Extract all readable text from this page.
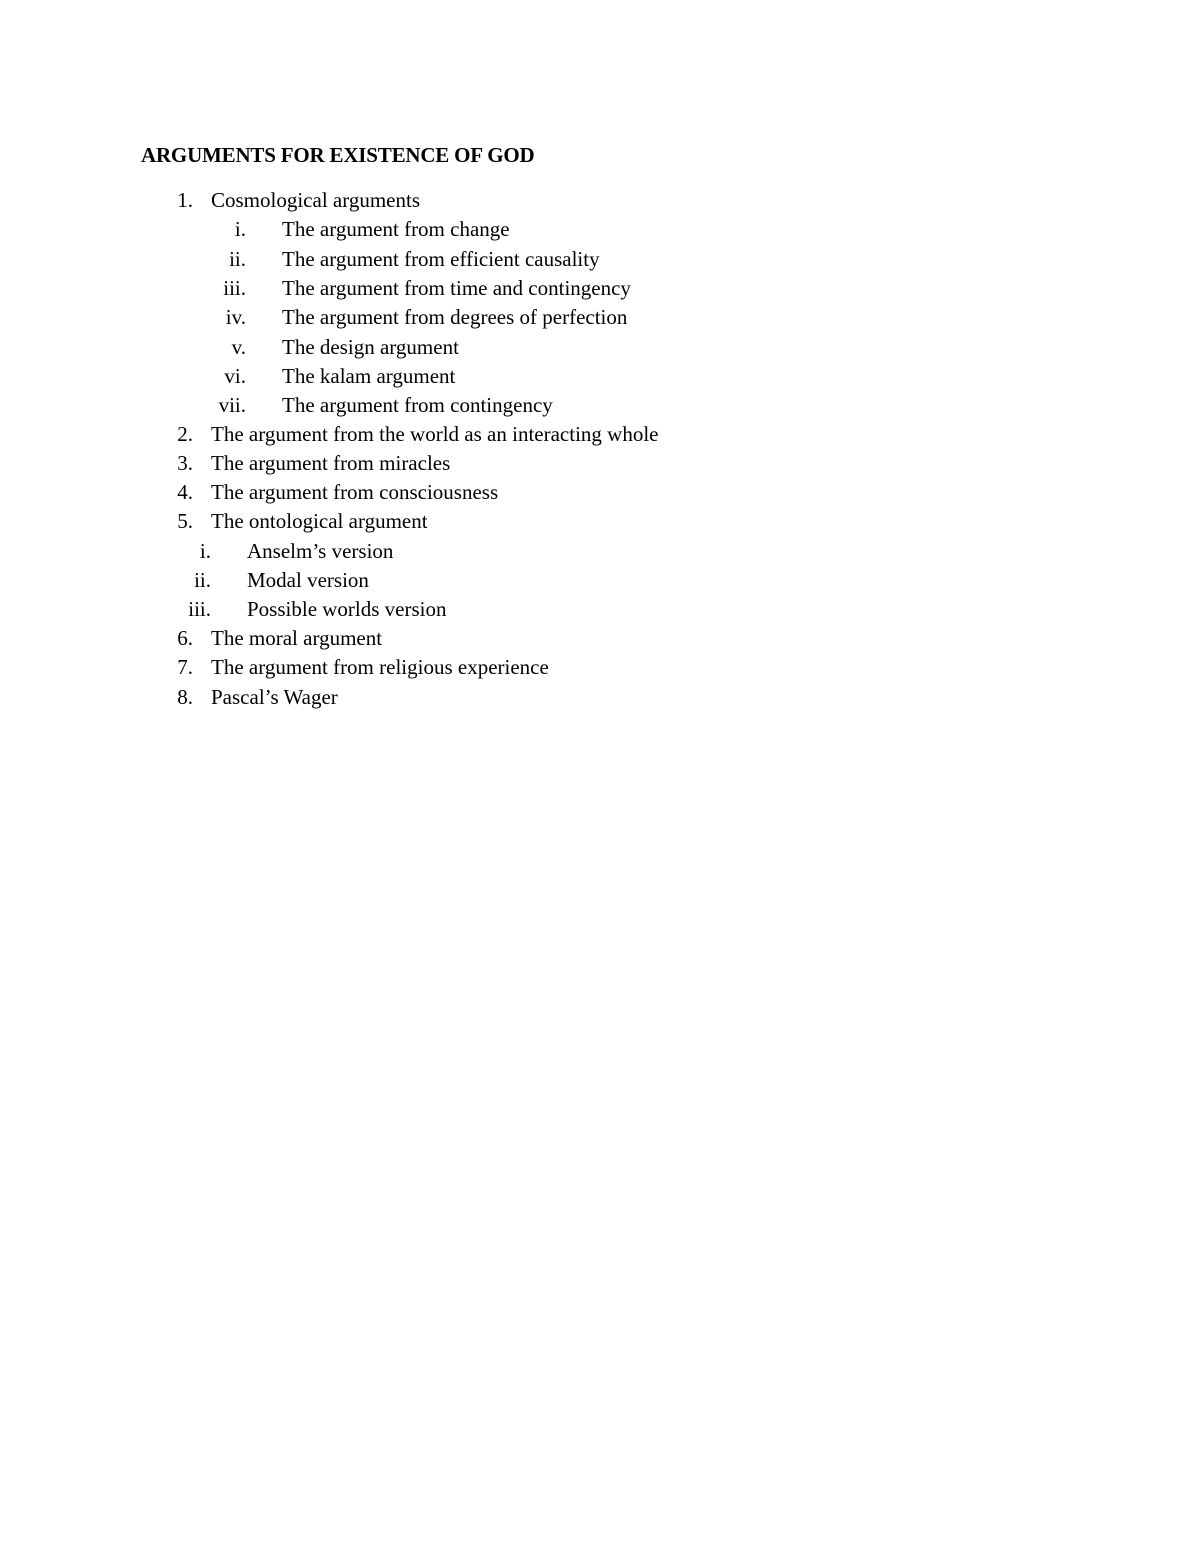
ARGUMENTS FOR EXISTENCE OF GOD
1. Cosmological arguments
i. The argument from change
ii. The argument from efficient causality
iii. The argument from time and contingency
iv. The argument from degrees of perfection
v. The design argument
vi. The kalam argument
vii. The argument from contingency
2. The argument from the world as an interacting whole
3. The argument from miracles
4. The argument from consciousness
5. The ontological argument
i. Anselm’s version
ii. Modal version
iii. Possible worlds version
6. The moral argument
7. The argument from religious experience
8. Pascal’s Wager
